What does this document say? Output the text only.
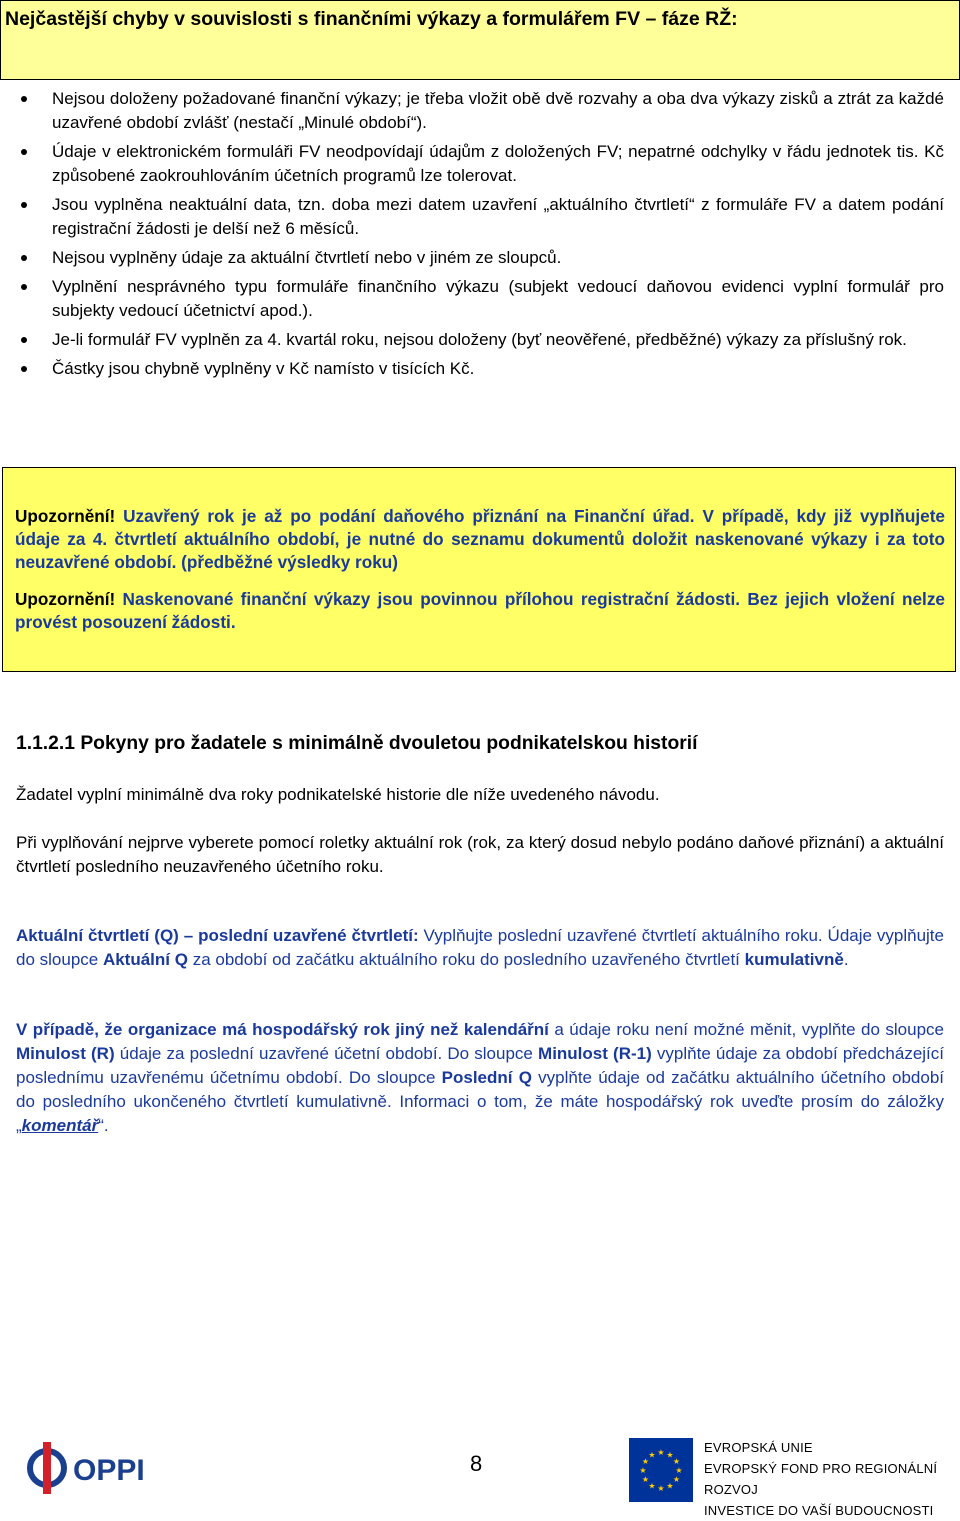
Nejčastější chyby v souvislosti s finančními výkazy a formulářem FV – fáze RŽ:
Nejsou doloženy požadované finanční výkazy; je třeba vložit obě dvě rozvahy a oba dva výkazy zisků a ztrát za každé uzavřené období zvlášť (nestačí „Minulé období“).
Údaje v elektronickém formuláři FV neodpovídají údajům z doložených FV; nepatrné odchylky v řádu jednotek tis. Kč způsobené zaokrouhlováním účetních programů lze tolerovat.
Jsou vyplněna neaktuální data, tzn. doba mezi datem uzavření „aktuálního čtvrtletí“ z formuláře FV a datem podání registrační žádosti je delší než 6 měsíců.
Nejsou vyplněny údaje za aktuální čtvrtletí nebo v jiném ze sloupců.
Vyplnění nesprávného typu formuláře finančního výkazu (subjekt vedoucí daňovou evidenci vyplní formulář pro subjekty vedoucí účetnictví apod.).
Je-li formulář FV vyplněn za 4. kvartál roku, nejsou doloženy (byť neověřené, předběžné) výkazy za příslušný rok.
Částky jsou chybně vyplněny v Kč namísto v tisících Kč.

Upozornění! Uzavřený rok je až po podání daňového přiznání na Finanční úřad. V případě, kdy již vyplňujete údaje za 4. čtvrtletí aktuálního období, je nutné do seznamu dokumentů doložit naskenované výkazy i za toto neuzavřené období. (předběžné výsledky roku)

Upozornění! Naskenované finanční výkazy jsou povinnou přílohou registrační žádosti. Bez jejich vložení nelze provést posouzení žádosti.

1.1.2.1 Pokyny pro žadatele s minimálně dvouletou podnikatelskou historií

Žadatel vyplní minimálně dva roky podnikatelské historie dle níže uvedeného návodu.

Při vyplňování nejprve vyberete pomocí roletky aktuální rok (rok, za který dosud nebylo podáno daňové přiznání) a aktuální čtvrtletí posledního neuzavřeného účetního roku.

Aktuální čtvrtletí (Q) – poslední uzavřené čtvrtletí: Vyplňujte poslední uzavřené čtvrtletí aktuálního roku. Údaje vyplňujte do sloupce Aktuální Q za období od začátku aktuálního roku do posledního uzavřeného čtvrtletí kumulativně.

V případě, že organizace má hospodářský rok jiný než kalendářní a údaje roku není možné měnit, vyplňte do sloupce Minulost (R) údaje za poslední uzavřené účetní období. Do sloupce Minulost (R-1) vyplňte údaje za období předcházející poslednímu uzavřenému účetnímu období. Do sloupce Poslední Q vyplňte údaje od začátku aktuálního účetního období do posledního ukončeného čtvrtletí kumulativně. Informaci o tom, že máte hospodářský rok uveďte prosím do záložky „komentář“.

OPPI	8	★ ★
★
★
★
★
★
★
★
★
★
★	EVROPSKÁ UNIE
EVROPSKÝ FOND PRO REGIONÁLNÍ ROZVOJ
INVESTICE DO VAŠÍ BUDOUCNOSTI
